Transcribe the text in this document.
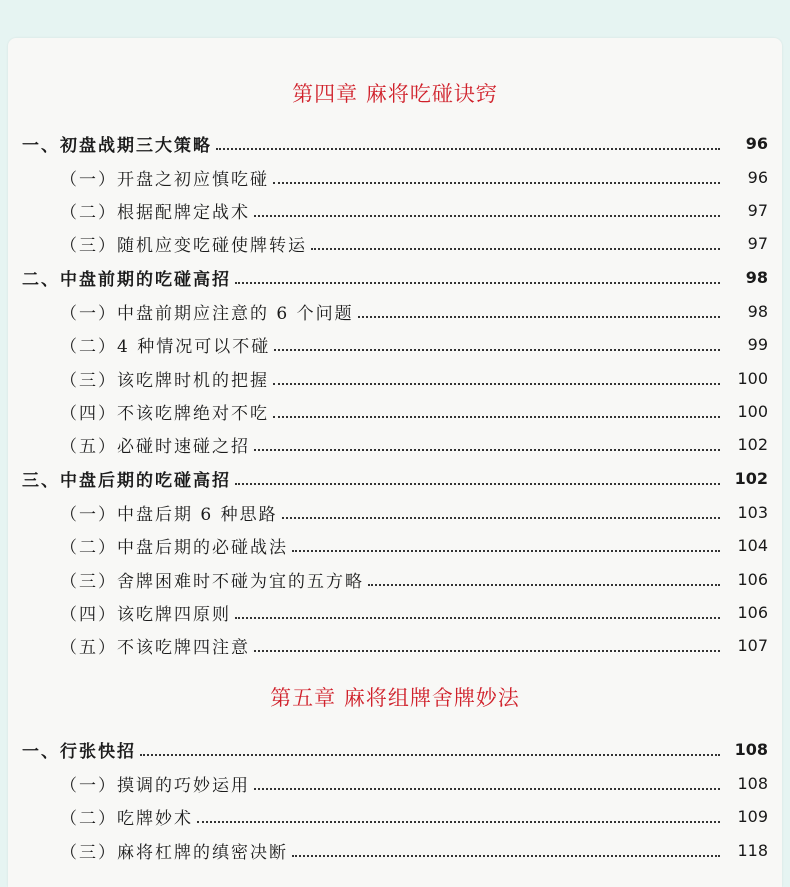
第四章 麻将吃碰诀窍
一、初盘战期三大策略	96
（一）开盘之初应慎吃碰	96
（二）根据配牌定战术	97
（三）随机应变吃碰使牌转运	97
二、中盘前期的吃碰高招	98
（一）中盘前期应注意的 6 个问题	98
（二）4 种情况可以不碰	99
（三）该吃牌时机的把握	100
（四）不该吃牌绝对不吃	100
（五）必碰时速碰之招	102
三、中盘后期的吃碰高招	102
（一）中盘后期 6 种思路	103
（二）中盘后期的必碰战法	104
（三）舍牌困难时不碰为宜的五方略	106
（四）该吃牌四原则	106
（五）不该吃牌四注意	107
第五章 麻将组牌舍牌妙法
一、行张快招	108
（一）摸调的巧妙运用	108
（二）吃牌妙术	109
（三）麻将杠牌的缜密决断	118
